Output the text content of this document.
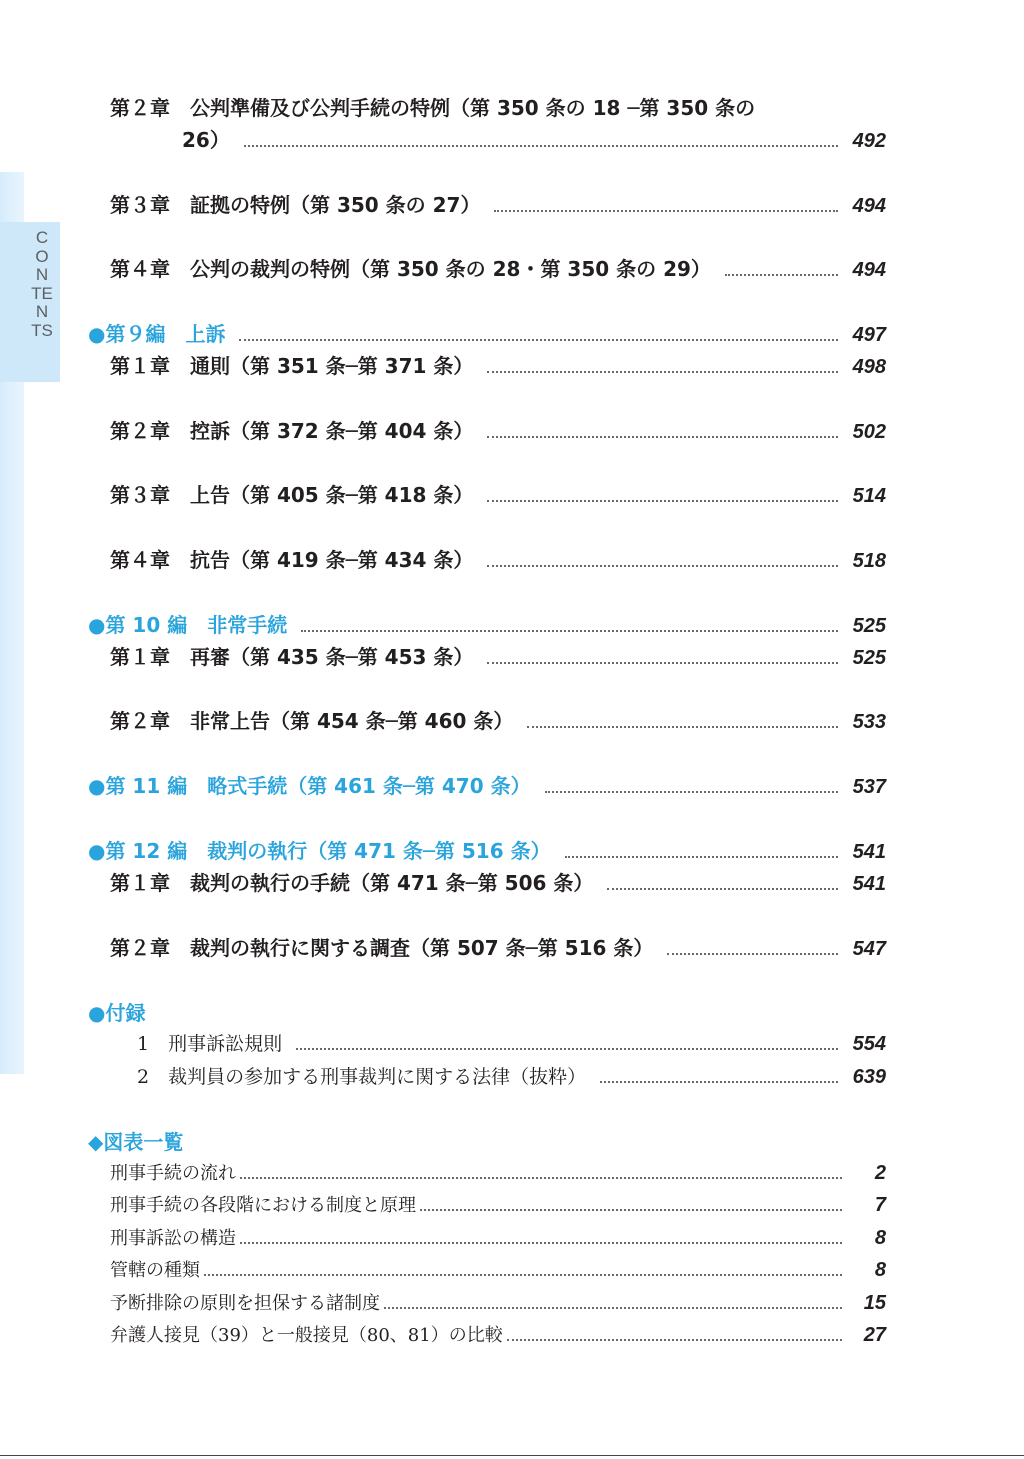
CONTENTS
第２章　公判準備及び公判手続の特例（第 350 条の 18 ─第 350 条の
26）	492
第３章　証拠の特例（第 350 条の 27）	494
第４章　公判の裁判の特例（第 350 条の 28・第 350 条の 29）	494
●第９編　上訴	497
第１章　通則（第 351 条─第 371 条）	498
第２章　控訴（第 372 条─第 404 条）	502
第３章　上告（第 405 条─第 418 条）	514
第４章　抗告（第 419 条─第 434 条）	518
●第 10 編　非常手続	525
第１章　再審（第 435 条─第 453 条）	525
第２章　非常上告（第 454 条─第 460 条）	533
●第 11 編　略式手続（第 461 条─第 470 条）	537
●第 12 編　裁判の執行（第 471 条─第 516 条）	541
第１章　裁判の執行の手続（第 471 条─第 506 条）	541
第２章　裁判の執行に関する調査（第 507 条─第 516 条）	547
●付録
1　刑事訴訟規則	554
2　裁判員の参加する刑事裁判に関する法律（抜粋）	639
◆図表一覧
刑事手続の流れ	2
刑事手続の各段階における制度と原理	7
刑事訴訟の構造	8
管轄の種類	8
予断排除の原則を担保する諸制度	15
弁護人接見（39）と一般接見（80、81）の比較	27
